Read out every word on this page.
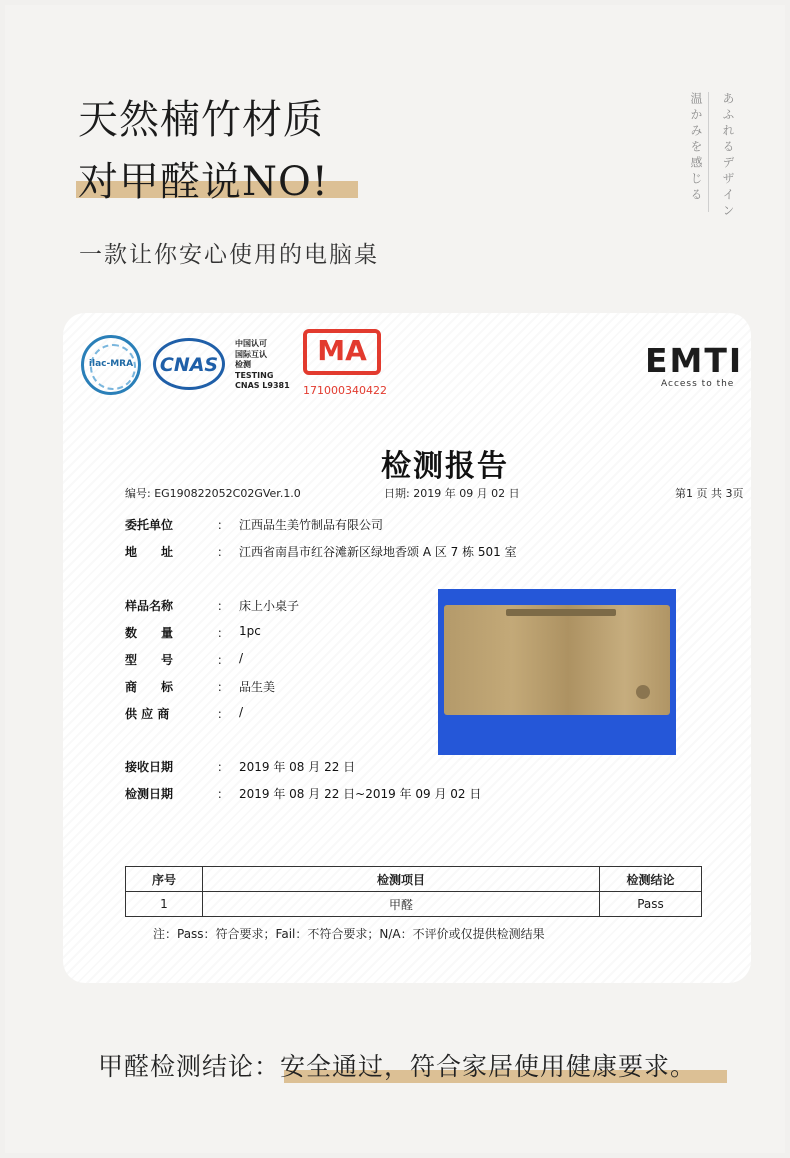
天然楠竹材质
对甲醛说NO!
一款让你安心使用的电脑桌
あふれるデザイン
温かみを感じる
ilac-MRA CNAS
中国认可
国际互认
检测
TESTING
CNAS L9381
MA
171000340422
EMTI
Access to the
检测报告
编号: EG190822052C02GVer.1.0	日期: 2019 年 09 月 02 日	第1 页 共 3页
委托单位	： 江西品生美竹制品有限公司
地　　址	： 江西省南昌市红谷滩新区绿地香颂 A 区 7 栋 501 室
样品名称	： 床上小桌子
数　　量	： 1pc
型　　号	： /
商　　标	： 品生美
供 应 商	： /
接收日期	： 2019 年 08 月 22 日
检测日期	： 2019 年 08 月 22 日~2019 年 09 月 02 日
序号	检测项目	检测结论
1	甲醛	Pass
注：Pass：符合要求；Fail：不符合要求；N/A：不评价或仅提供检测结果
甲醛检测结论：安全通过，符合家居使用健康要求。
